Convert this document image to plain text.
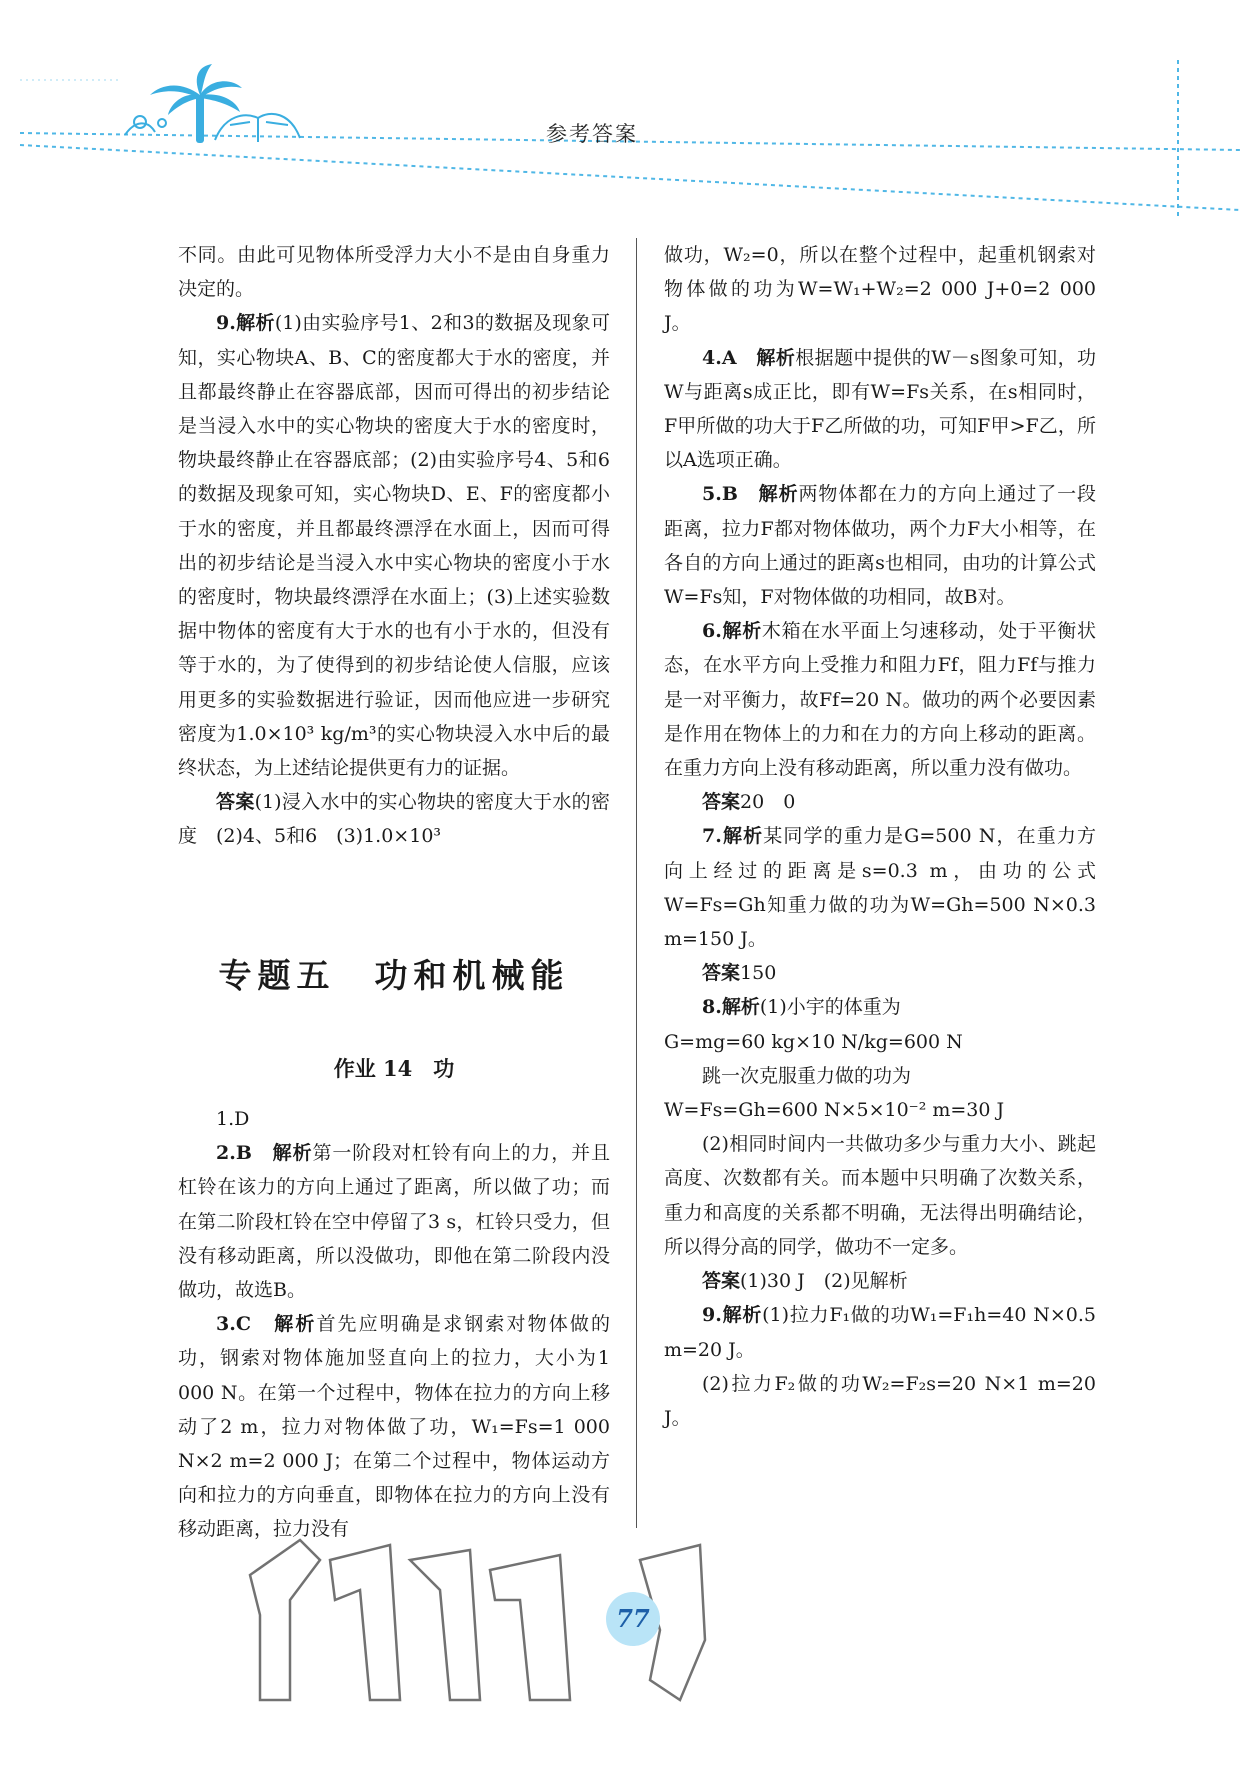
参考答案

不同。由此可见物体所受浮力大小不是由自身重力决定的。

9.解析(1)由实验序号1、2和3的数据及现象可知，实心物块A、B、C的密度都大于水的密度，并且都最终静止在容器底部，因而可得出的初步结论是当浸入水中的实心物块的密度大于水的密度时，物块最终静止在容器底部；(2)由实验序号4、5和6的数据及现象可知，实心物块D、E、F的密度都小于水的密度，并且都最终漂浮在水面上，因而可得出的初步结论是当浸入水中实心物块的密度小于水的密度时，物块最终漂浮在水面上；(3)上述实验数据中物体的密度有大于水的也有小于水的，但没有等于水的，为了使得到的初步结论使人信服，应该用更多的实验数据进行验证，因而他应进一步研究密度为1.0×10³ kg/m³的实心物块浸入水中后的最终状态，为上述结论提供更有力的证据。

答案(1)浸入水中的实心物块的密度大于水的密度　(2)4、5和6　(3)1.0×10³

专题五　功和机械能
作业 14　功

1.D

2.B　解析第一阶段对杠铃有向上的力，并且杠铃在该力的方向上通过了距离，所以做了功；而在第二阶段杠铃在空中停留了3 s，杠铃只受力，但没有移动距离，所以没做功，即他在第二阶段内没做功，故选B。

3.C　解析首先应明确是求钢索对物体做的功，钢索对物体施加竖直向上的拉力，大小为1 000 N。在第一个过程中，物体在拉力的方向上移动了2 m，拉力对物体做了功，W₁=Fs=1 000 N×2 m=2 000 J；在第二个过程中，物体运动方向和拉力的方向垂直，即物体在拉力的方向上没有移动距离，拉力没有

做功，W₂=0，所以在整个过程中，起重机钢索对物体做的功为W=W₁+W₂=2 000 J+0=2 000 J。

4.A　解析根据题中提供的W－s图象可知，功W与距离s成正比，即有W=Fs关系，在s相同时，F甲所做的功大于F乙所做的功，可知F甲>F乙，所以A选项正确。

5.B　解析两物体都在力的方向上通过了一段距离，拉力F都对物体做功，两个力F大小相等，在各自的方向上通过的距离s也相同，由功的计算公式W=Fs知，F对物体做的功相同，故B对。

6.解析木箱在水平面上匀速移动，处于平衡状态，在水平方向上受推力和阻力Ff，阻力Ff与推力是一对平衡力，故Ff=20 N。做功的两个必要因素是作用在物体上的力和在力的方向上移动的距离。在重力方向上没有移动距离，所以重力没有做功。

答案20　0

7.解析某同学的重力是G=500 N，在重力方向上经过的距离是s=0.3 m，由功的公式W=Fs=Gh知重力做的功为W=Gh=500 N×0.3 m=150 J。

答案150

8.解析(1)小宇的体重为

G=mg=60 kg×10 N/kg=600 N

跳一次克服重力做的功为

W=Fs=Gh=600 N×5×10⁻² m=30 J

(2)相同时间内一共做功多少与重力大小、跳起高度、次数都有关。而本题中只明确了次数关系，重力和高度的关系都不明确，无法得出明确结论，所以得分高的同学，做功不一定多。

答案(1)30 J　(2)见解析

9.解析(1)拉力F₁做的功W₁=F₁h=40 N×0.5 m=20 J。

(2)拉力F₂做的功W₂=F₂s=20 N×1 m=20 J。

77
